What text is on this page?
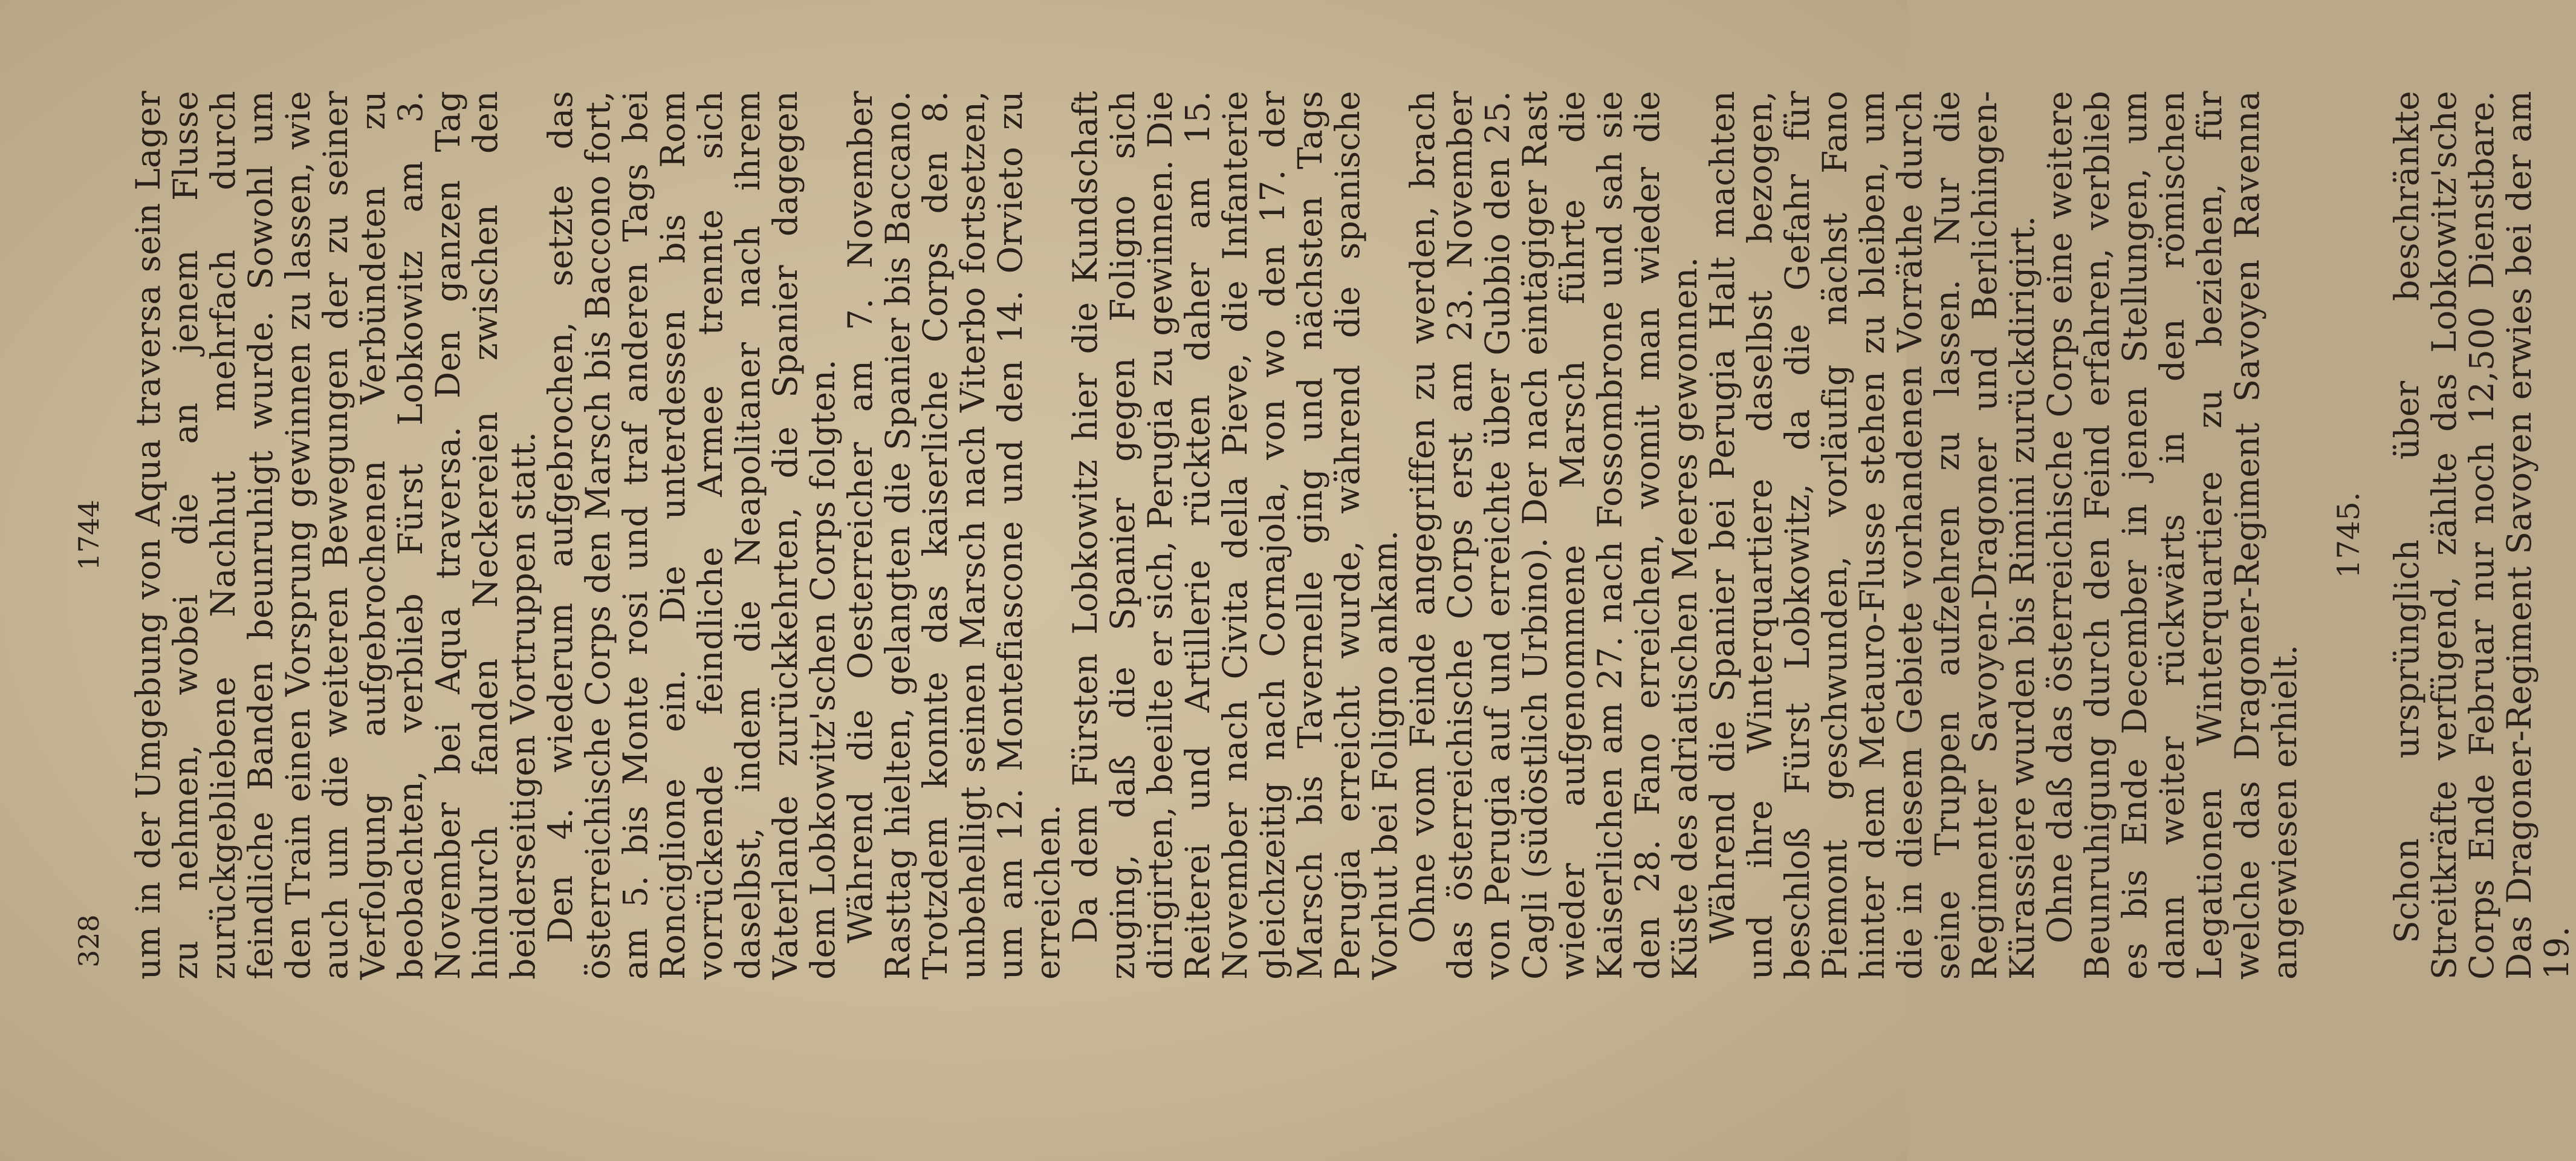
328
1744 um in der Umgebung von Aqua traversa sein Lager zu nehmen, wobei die an jenem Flusse zurückgebliebene Nachhut mehrfach durch feindliche Banden beunruhigt wurde. Sowohl um den Train einen Vorsprung gewinnen zu lassen, wie auch um die weiteren Bewegungen der zu seiner Verfolgung aufgebrochenen Verbündeten zu beobachten, verblieb Fürst Lobkowitz am 3. November bei Aqua traversa. Den ganzen Tag hindurch fanden Neckereien zwischen den beiderseitigen Vortruppen statt.

Den 4. wiederum aufgebrochen, setzte das österreichische Corps den Marsch bis Bacconо fort, am 5. bis Monte rosi und traf anderen Tags bei Ronciglione ein. Die unterdessen bis Rom vorrückende feindliche Armee trennte sich daselbst, indem die Neapolitaner nach ihrem Vaterlande zurückkehrten, die Spanier dagegen dem Lobkowitz'schen Corps folgten.

Während die Oesterreicher am 7. November Rasttag hielten, gelangten die Spanier bis Baccano. Trotzdem konnte das kaiserliche Corps den 8. unbehelligt seinen Marsch nach Viterbo fortsetzen, um am 12. Montefiascone und den 14. Orvieto zu erreichen.

Da dem Fürsten Lobkowitz hier die Kundschaft zuging, daß die Spanier gegen Foligno sich dirigirten, beeilte er sich, Perugia zu gewinnen. Die Reiterei und Artillerie rückten daher am 15. November nach Civita della Pieve, die Infanterie gleichzeitig nach Cornajola, von wo den 17. der Marsch bis Tavernelle ging und nächsten Tags Perugia erreicht wurde, während die spanische Vorhut bei Foligno ankam.

Ohne vom Feinde angegriffen zu werden, brach das österreichische Corps erst am 23. November von Perugia auf und erreichte über Gubbio den 25. Cagli (südöstlich Urbino). Der nach eintägiger Rast wieder aufgenommene Marsch führte die Kaiserlichen am 27. nach Fossombrone und sah sie den 28. Fano erreichen, womit man wieder die Küste des adriatischen Meeres gewonnen.

Während die Spanier bei Perugia Halt machten und ihre Winterquartiere daselbst bezogen, beschloß Fürst Lobkowitz, da die Gefahr für Piemont geschwunden, vorläufig nächst Fano hinter dem Metauro-Flusse stehen zu bleiben, um die in diesem Gebiete vorhandenen Vorräthe durch seine Truppen aufzehren zu lassen. Nur die Regimenter Savoyen-Dragoner und Berlichingen-Kürassiere wurden bis Rimini zurückdirigirt.

Ohne daß das österreichische Corps eine weitere Beunruhigung durch den Feind erfahren, verblieb es bis Ende December in jenen Stellungen, um dann weiter rückwärts in den römischen Legationen Winterquartiere zu beziehen, für welche das Dragoner-Regiment Savoyen Ravenna angewiesen erhielt.

1745. Schon ursprünglich über beschränkte Streitkräfte verfügend, zählte das Lobkowitz'sche Corps Ende Februar nur noch 12,500 Dienstbare. Das Dragoner-Regiment Savoyen erwies bei der am 19.
